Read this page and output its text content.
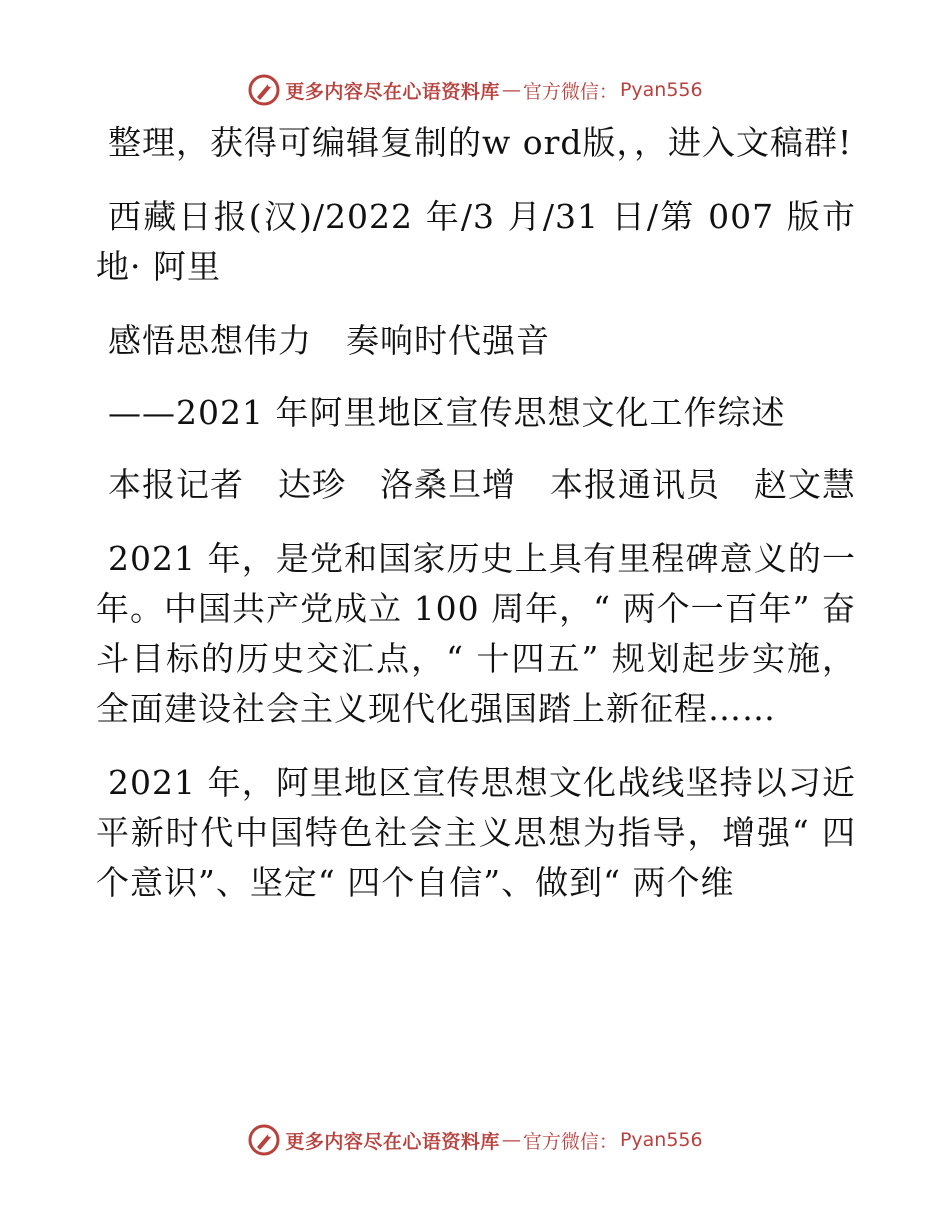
更多内容尽在心语资料库 — 官方微信： Pyan556

整理，获得可编辑复制的w ord版，，进入文稿群!

西藏日报(汉)/2022 年/3 月/31 日/第 007 版市地· 阿里

感悟思想伟力　奏响时代强音

——2021 年阿里地区宣传思想文化工作综述

本报记者　达珍　洛桑旦增　本报通讯员　赵文慧

2021 年，是党和国家历史上具有里程碑意义的一年。中国共产党成立 100 周年，“ 两个一百年” 奋斗目标的历史交汇点，“ 十四五” 规划起步实施，全面建设社会主义现代化强国踏上新征程……

2021 年，阿里地区宣传思想文化战线坚持以习近平新时代中国特色社会主义思想为指导，增强“ 四个意识”、坚定“ 四个自信”、做到“ 两个维

更多内容尽在心语资料库 — 官方微信： Pyan556
